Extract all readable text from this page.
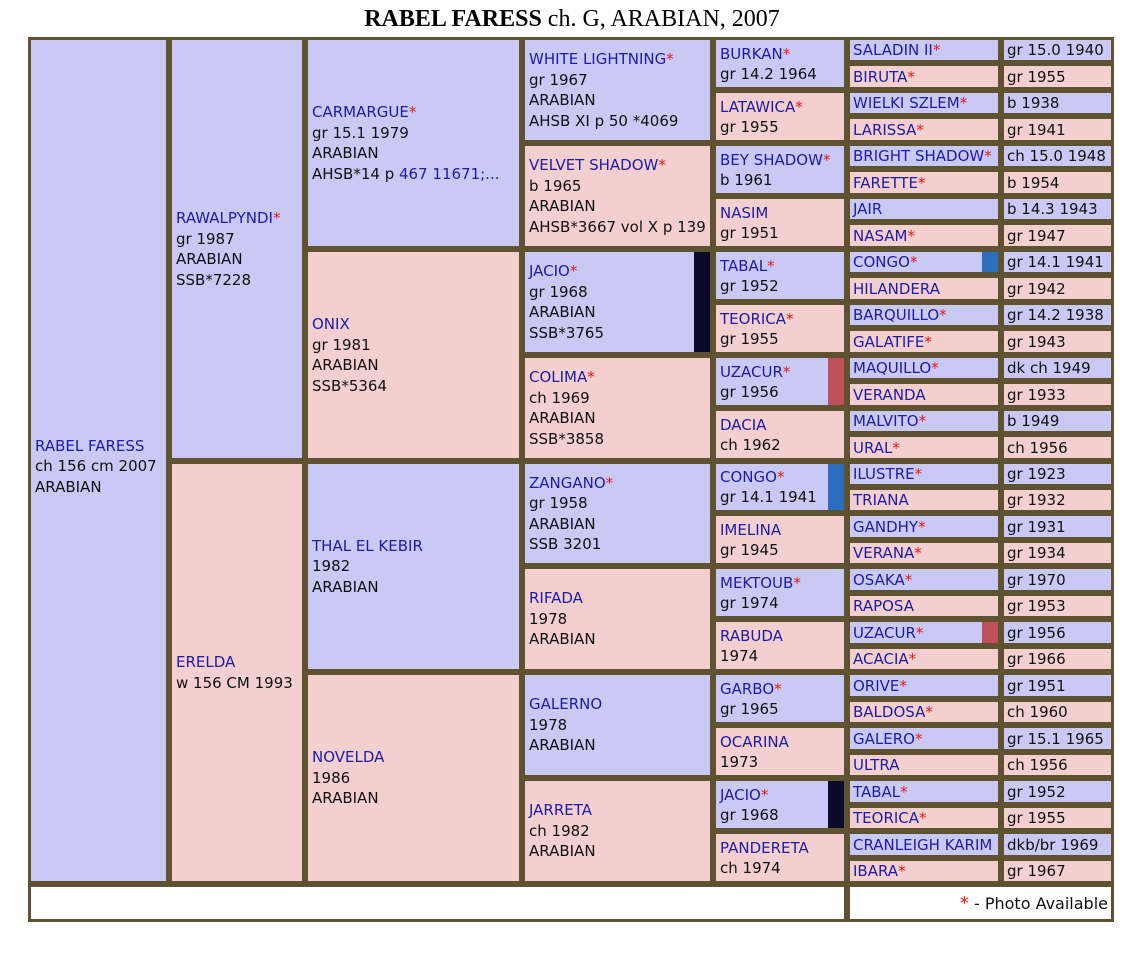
RABEL FARESS ch. G, ARABIAN, 2007
RABEL FARESS
ch 156 cm 2007
ARABIAN
RAWALPYNDI*
gr 1987
ARABIAN
SSB*7228
ERELDA
w 156 CM 1993
CARMARGUE*
gr 15.1 1979
ARABIAN
AHSB*14 p 467 11671;...
ONIX
gr 1981
ARABIAN
SSB*5364
THAL EL KEBIR
1982
ARABIAN
NOVELDA
1986
ARABIAN
WHITE LIGHTNING*
gr 1967
ARABIAN
AHSB XI p 50 *4069
VELVET SHADOW*
b 1965
ARABIAN
AHSB*3667 vol X p 139
JACIO*
gr 1968
ARABIAN
SSB*3765
COLIMA*
ch 1969
ARABIAN
SSB*3858
ZANGANO*
gr 1958
ARABIAN
SSB 3201
RIFADA
1978
ARABIAN
GALERNO
1978
ARABIAN
JARRETA
ch 1982
ARABIAN
BURKAN*
gr 14.2 1964
LATAWICA*
gr 1955
BEY SHADOW*
b 1961
NASIM
gr 1951
TABAL*
gr 1952
TEORICA*
gr 1955
UZACUR*
gr 1956
DACIA
ch 1962
CONGO*
gr 14.1 1941
IMELINA
gr 1945
MEKTOUB*
gr 1974
RABUDA
1974
GARBO*
gr 1965
OCARINA
1973
JACIO*
gr 1968
PANDERETA
ch 1974
SALADIN II*	gr 15.0 1940
BIRUTA*	gr 1955
WIELKI SZLEM*	b 1938
LARISSA*	gr 1941
BRIGHT SHADOW*	ch 15.0 1948
FARETTE*	b 1954
JAIR	b 14.3 1943
NASAM*	gr 1947
CONGO*	gr 14.1 1941
HILANDERA	gr 1942
BARQUILLO*	gr 14.2 1938
GALATIFE*	gr 1943
MAQUILLO*	dk ch 1949
VERANDA	gr 1933
MALVITO*	b 1949
URAL*	ch 1956
ILUSTRE*	gr 1923
TRIANA	gr 1932
GANDHY*	gr 1931
VERANA*	gr 1934
OSAKA*	gr 1970
RAPOSA	gr 1953
UZACUR*	gr 1956
ACACIA*	gr 1966
ORIVE*	gr 1951
BALDOSA*	ch 1960
GALERO*	gr 15.1 1965
ULTRA	ch 1956
TABAL*	gr 1952
TEORICA*	gr 1955
CRANLEIGH KARIM dkb/br 1969
IBARA*	gr 1967
* - Photo Available
